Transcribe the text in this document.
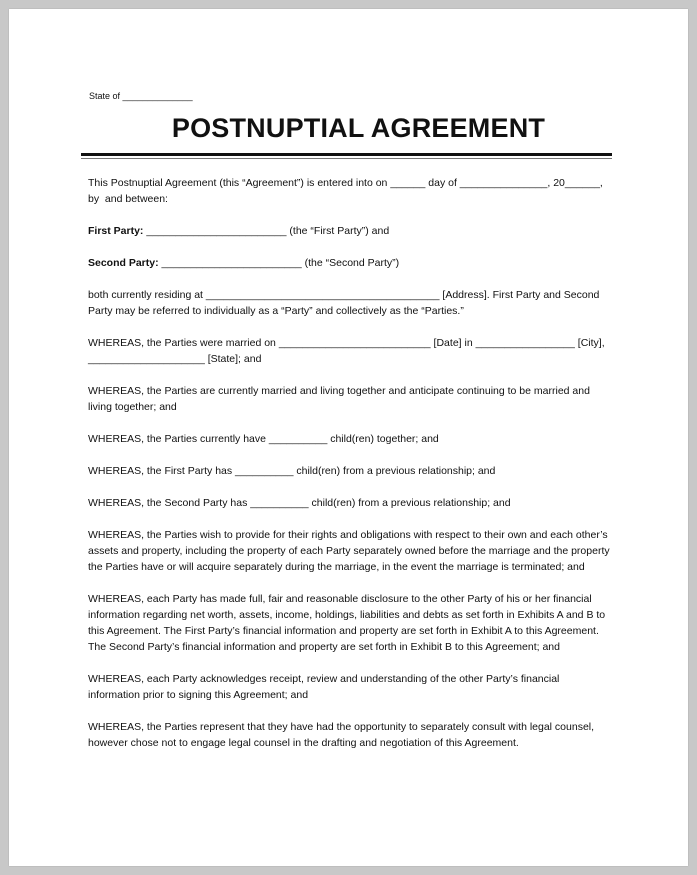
State of ______________
POSTNUPTIAL AGREEMENT

This Postnuptial Agreement (this “Agreement”) is entered into on ______ day of _______________, 20______, by  and between:

First Party: ________________________ (the “First Party”) and

Second Party: ________________________ (the “Second Party”)

both currently residing at ________________________________________ [Address]. First Party and Second Party may be referred to individually as a “Party” and collectively as the “Parties.”

WHEREAS, the Parties were married on __________________________ [Date] in _________________ [City], ____________________ [State]; and

WHEREAS, the Parties are currently married and living together and anticipate continuing to be married and living together; and

WHEREAS, the Parties currently have __________ child(ren) together; and

WHEREAS, the First Party has __________ child(ren) from a previous relationship; and

WHEREAS, the Second Party has __________ child(ren) from a previous relationship; and

WHEREAS, the Parties wish to provide for their rights and obligations with respect to their own and each other’s assets and property, including the property of each Party separately owned before the marriage and the property the Parties have or will acquire separately during the marriage, in the event the marriage is terminated; and

WHEREAS, each Party has made full, fair and reasonable disclosure to the other Party of his or her financial information regarding net worth, assets, income, holdings, liabilities and debts as set forth in Exhibits A and B to this Agreement. The First Party’s financial information and property are set forth in Exhibit A to this Agreement. The Second Party’s financial information and property are set forth in Exhibit B to this Agreement; and

WHEREAS, each Party acknowledges receipt, review and understanding of the other Party’s financial information prior to signing this Agreement; and

WHEREAS, the Parties represent that they have had the opportunity to separately consult with legal counsel, however chose not to engage legal counsel in the drafting and negotiation of this Agreement.
